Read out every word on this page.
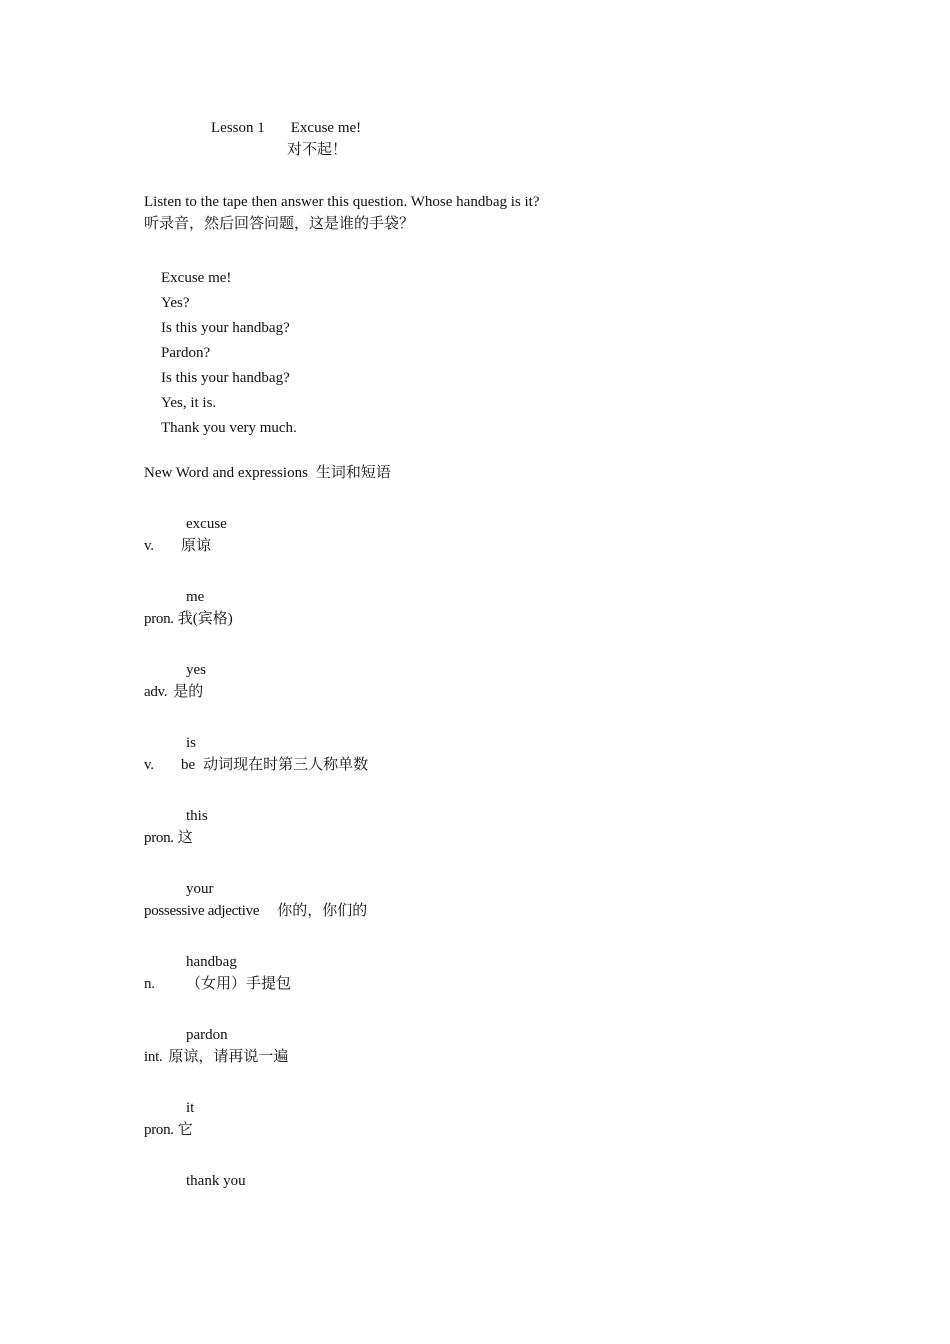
Lesson 1 Excuse me!
对不起！
Listen to the tape then answer this question. Whose handbag is it?
听录音，然后回答问题，这是谁的手袋？
Excuse me!
Yes?
Is this your handbag?
Pardon?
Is this your handbag?
Yes, it is.
Thank you very much.
New Word and expressions 生词和短语
excuse
v. 原谅
me
pron. 我(宾格)
yes
adv. 是的
is
v. be 动词现在时第三人称单数
this
pron. 这
your
possessive adjective 你的，你们的
handbag
n. （女用）手提包
pardon
int. 原谅，请再说一遍
it
pron. 它
thank you
